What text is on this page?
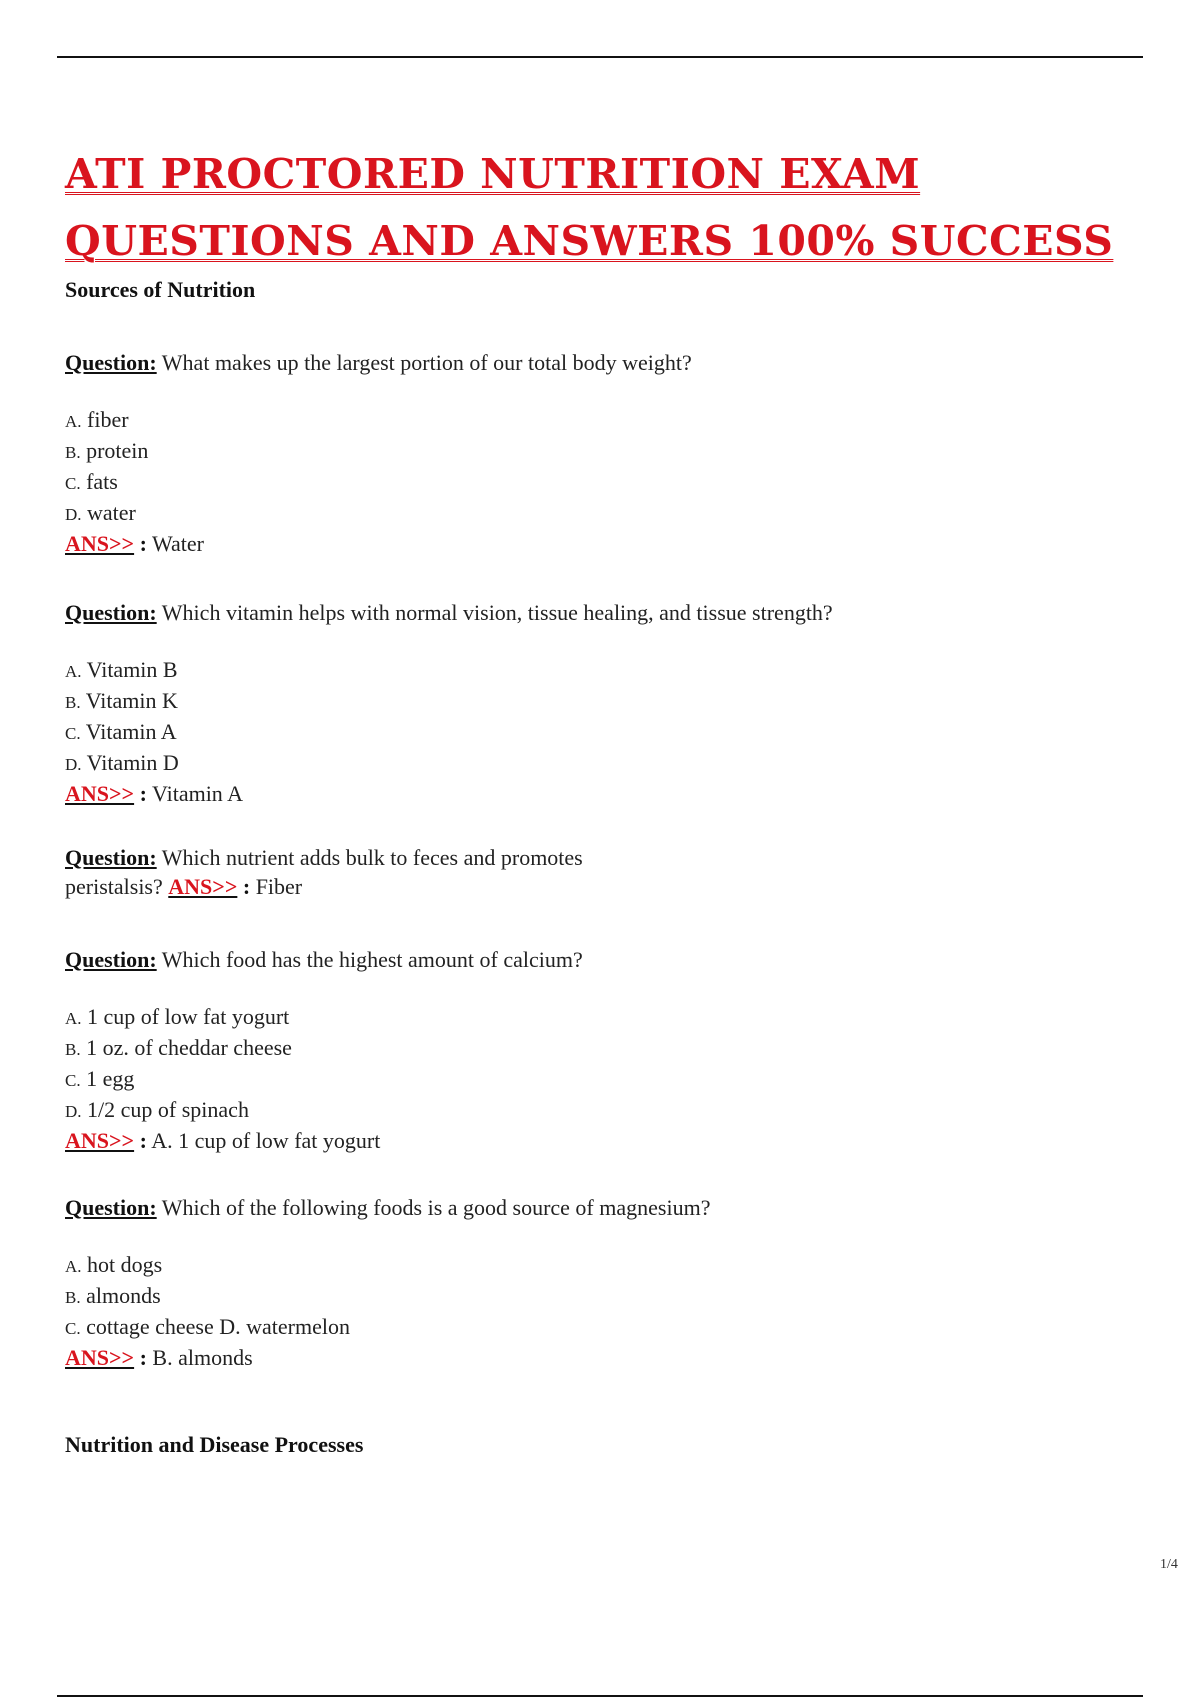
ATI PROCTORED NUTRITION EXAM
QUESTIONS AND ANSWERS 100% SUCCESS
Sources of Nutrition

Question: What makes up the largest portion of our total body weight?

A. fiber

B. protein

C. fats

D. water

ANS>> : Water

Question: Which vitamin helps with normal vision, tissue healing, and tissue strength?

A. Vitamin B

B. Vitamin K

C. Vitamin A

D. Vitamin D

ANS>> : Vitamin A

Question: Which nutrient adds bulk to feces and promotes

peristalsis? ANS>> : Fiber

Question: Which food has the highest amount of calcium?

A. 1 cup of low fat yogurt

B. 1 oz. of cheddar cheese

C. 1 egg

D. 1/2 cup of spinach

ANS>> : A. 1 cup of low fat yogurt

Question: Which of the following foods is a good source of magnesium?

A. hot dogs

B. almonds

C. cottage cheese D. watermelon

ANS>> : B. almonds

Nutrition and Disease Processes
1/4
